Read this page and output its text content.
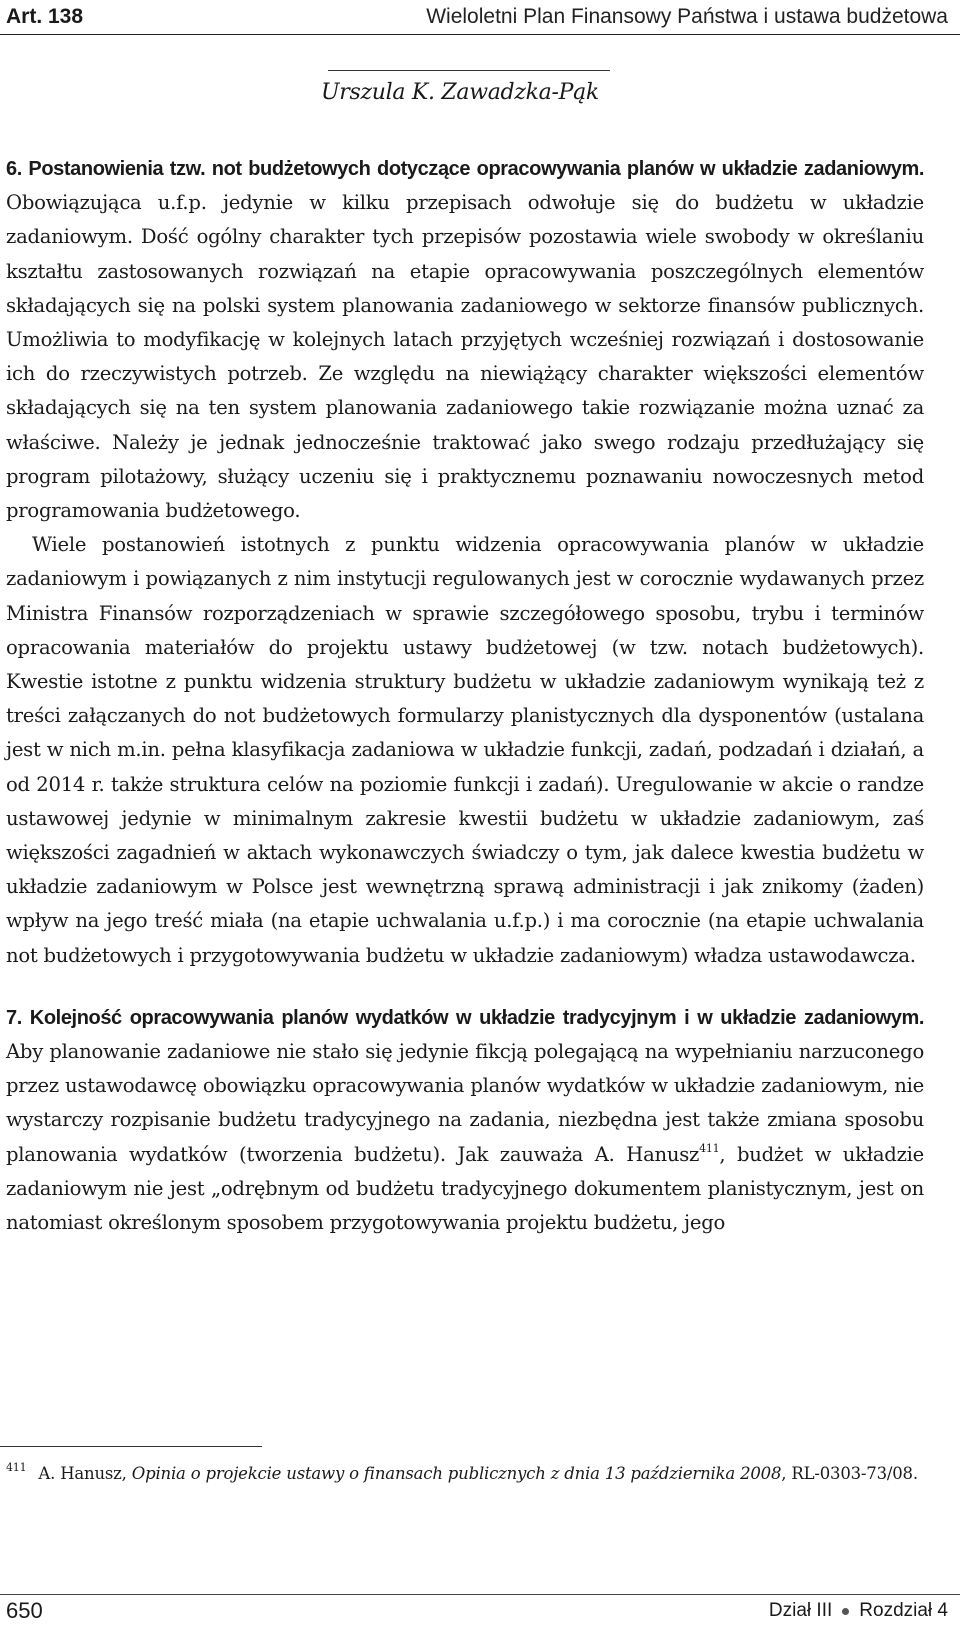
Art. 138	Wieloletni Plan Finansowy Państwa i ustawa budżetowa
Urszula K. Zawadzka-Pąk

6. Postanowienia tzw. not budżetowych dotyczące opracowywania planów w układzie zadaniowym. Obowiązująca u.f.p. jedynie w kilku przepisach odwołuje się do budżetu w układzie zadaniowym. Dość ogólny charakter tych przepisów pozostawia wiele swobody w określaniu kształtu zastosowanych rozwiązań na etapie opracowywania poszczególnych elementów składających się na polski system planowania zadaniowego w sektorze finansów publicznych. Umożliwia to modyfikację w kolejnych latach przyjętych wcześniej rozwiązań i dostosowanie ich do rzeczywistych potrzeb. Ze względu na niewiążący charakter większości elementów składających się na ten system planowania zadaniowego takie rozwiązanie można uznać za właściwe. Należy je jednak jednocześnie traktować jako swego rodzaju przedłużający się program pilotażowy, służący uczeniu się i praktycznemu poznawaniu nowoczesnych metod programowania budżetowego.

Wiele postanowień istotnych z punktu widzenia opracowywania planów w układzie zadaniowym i powiązanych z nim instytucji regulowanych jest w corocznie wydawanych przez Ministra Finansów rozporządzeniach w sprawie szczegółowego sposobu, trybu i terminów opracowania materiałów do projektu ustawy budżetowej (w tzw. notach budżetowych). Kwestie istotne z punktu widzenia struktury budżetu w układzie zadaniowym wynikają też z treści załączanych do not budżetowych formularzy planistycznych dla dysponentów (ustalana jest w nich m.in. pełna klasyfikacja zadaniowa w układzie funkcji, zadań, podzadań i działań, a od 2014 r. także struktura celów na poziomie funkcji i zadań). Uregulowanie w akcie o randze ustawowej jedynie w minimalnym zakresie kwestii budżetu w układzie zadaniowym, zaś większości zagadnień w aktach wykonawczych świadczy o tym, jak dalece kwestia budżetu w układzie zadaniowym w Polsce jest wewnętrzną sprawą administracji i jak znikomy (żaden) wpływ na jego treść miała (na etapie uchwalania u.f.p.) i ma corocznie (na etapie uchwalania not budżetowych i przygotowywania budżetu w układzie zadaniowym) władza ustawodawcza.

7. Kolejność opracowywania planów wydatków w układzie tradycyjnym i w układzie zadaniowym. Aby planowanie zadaniowe nie stało się jedynie fikcją polegającą na wypełnianiu narzuconego przez ustawodawcę obowiązku opracowywania planów wydatków w układzie zadaniowym, nie wystarczy rozpisanie budżetu tradycyjnego na zadania, niezbędna jest także zmiana sposobu planowania wydatków (tworzenia budżetu). Jak zauważa A. Hanusz$^{411}$, budżet w układzie zadaniowym nie jest „odrębnym od budżetu tradycyjnego dokumentem planistycznym, jest on natomiast określonym sposobem przygotowywania projektu budżetu, jego

$^{411}$ A. Hanusz, Opinia o projekcie ustawy o finansach publicznych z dnia 13 października 2008, RL-0303-73/08.
650	Dział III Rozdział 4
